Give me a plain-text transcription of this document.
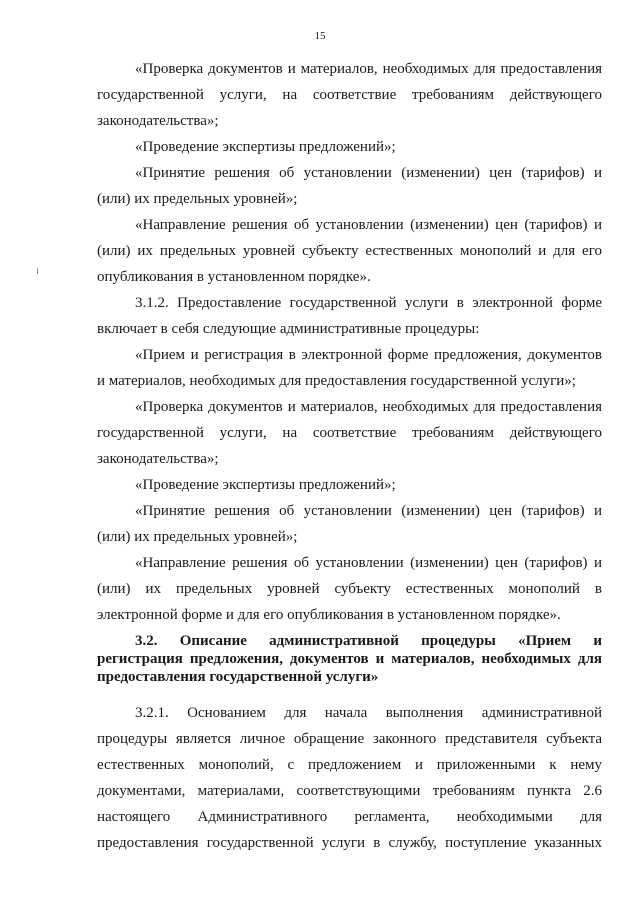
15
«Проверка документов и материалов, необходимых для предоставления
государственной услуги, на соответствие требованиям действующего
законодательства»;
«Проведение экспертизы предложений»;
«Принятие решения об установлении (изменении) цен (тарифов) и
(или) их предельных уровней»;
«Направление решения об установлении (изменении) цен (тарифов) и
(или) их предельных уровней субъекту естественных монополий и для его
опубликования в установленном порядке».
3.1.2. Предоставление государственной услуги в электронной форме
включает в себя следующие административные процедуры:
«Прием и регистрация в электронной форме предложения, документов
и материалов, необходимых для предоставления государственной услуги»;
«Проверка документов и материалов, необходимых для предоставления
государственной услуги, на соответствие требованиям действующего
законодательства»;
«Проведение экспертизы предложений»;
«Принятие решения об установлении (изменении) цен (тарифов) и
(или) их предельных уровней»;
«Направление решения об установлении (изменении) цен (тарифов) и
(или) их предельных уровней субъекту естественных монополий в
электронной форме и для его опубликования в установленном порядке».
3.2. Описание административной процедуры «Прием и
регистрация предложения, документов и материалов, необходимых для
предоставления государственной услуги»
3.2.1. Основанием для начала выполнения административной
процедуры является личное обращение законного представителя субъекта
естественных монополий, с предложением и приложенными к нему
документами, материалами, соответствующими требованиям пункта 2.6
настоящего Административного регламента, необходимыми для
предоставления государственной услуги в службу, поступление указанных
